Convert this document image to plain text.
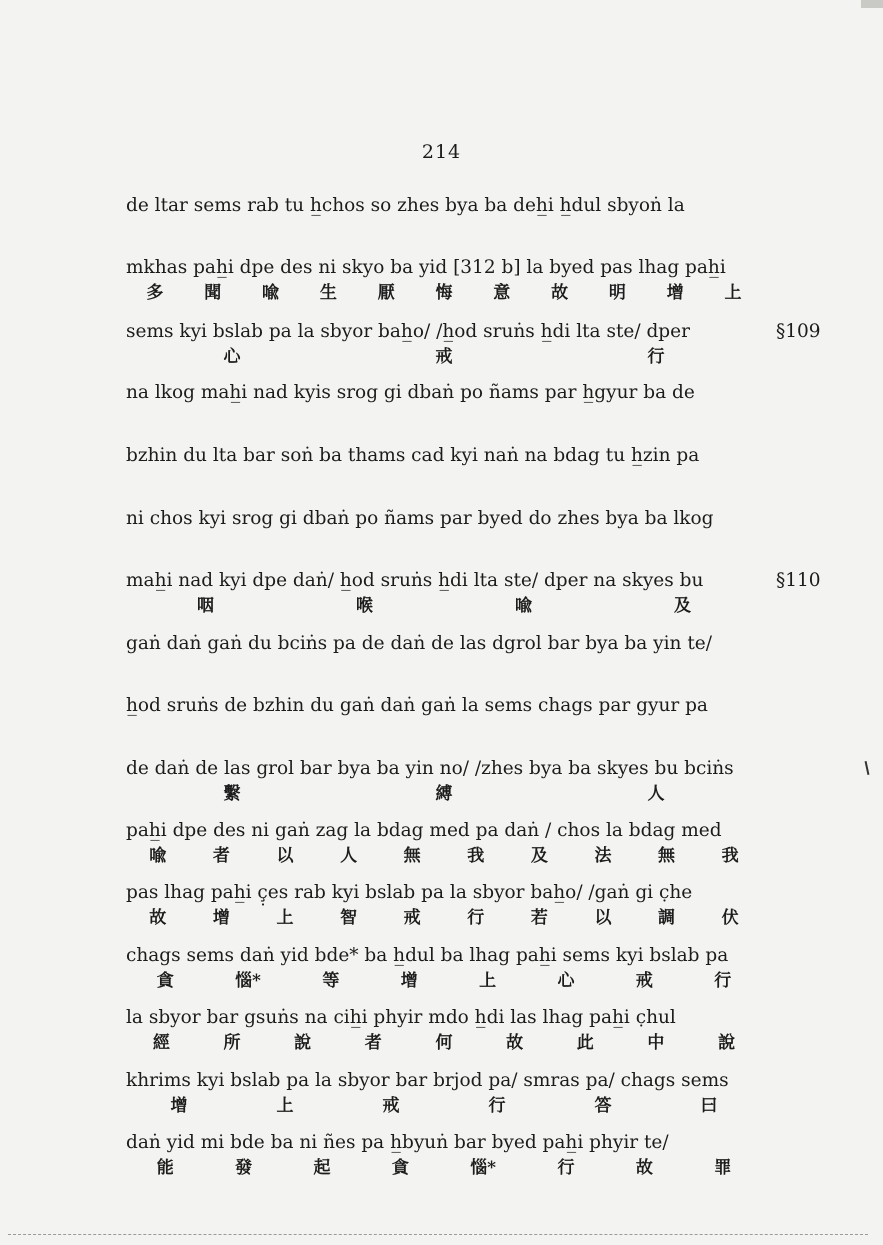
214
de ltar sems rab tu h̲chos so zhes bya ba deh̲i h̲dul sbyoṅ la
mkhas pah̲i dpe des ni skyo ba yid [312 b] la byed pas lhag pah̲i
多 聞 喩 生 厭 悔 意 故 明 增 上
sems kyi bslab pa la sbyor bah̲o/ /h̲od sruṅs h̲di lta ste/ dper
心	戒	行
na lkog mah̲i nad kyis srog gi dbaṅ po ñams par h̲gyur ba de
bzhin du lta bar soṅ ba thams cad kyi naṅ na bdag tu h̲zin pa
ni chos kyi srog gi dbaṅ po ñams par byed do zhes bya ba lkog
mah̲i nad kyi dpe daṅ/ h̲od sruṅs h̲di lta ste/ dper na skyes bu
咽	喉	喩	及
gaṅ daṅ gaṅ du bciṅs pa de daṅ de las dgrol bar bya ba yin te/
h̲od sruṅs de bzhin du gaṅ daṅ gaṅ la sems chags par gyur pa
de daṅ de las grol bar bya ba yin no/ /zhes bya ba skyes bu bciṅs
繫	縛	人
pah̲i dpe des ni gaṅ zag la bdag med pa daṅ / chos la bdag med
喩	者	以	人	無	我	及	法	無	我
pas lhag pah̲i ç̣es rab kyi bslab pa la sbyor bah̲o/ /gaṅ gi c̣he
故	增	上	智	戒	行	若	以	調	伏
chags sems daṅ yid bde* ba h̲dul ba lhag pah̲i sems kyi bslab pa
貪	惱*	等	增	上	心	戒	行
la sbyor bar gsuṅs na cih̲i phyir mdo h̲di las lhag pah̲i c̣hul
經	所	說	者	何	故	此	中	說
khrims kyi bslab pa la sbyor bar brjod pa/ smras pa/ chags sems
增	上	戒	行	答	曰
daṅ yid mi bde ba ni ñes pa h̲byuṅ bar byed pah̲i phyir te/
能	發	起	貪	惱*	行	故	罪
§109
§110
